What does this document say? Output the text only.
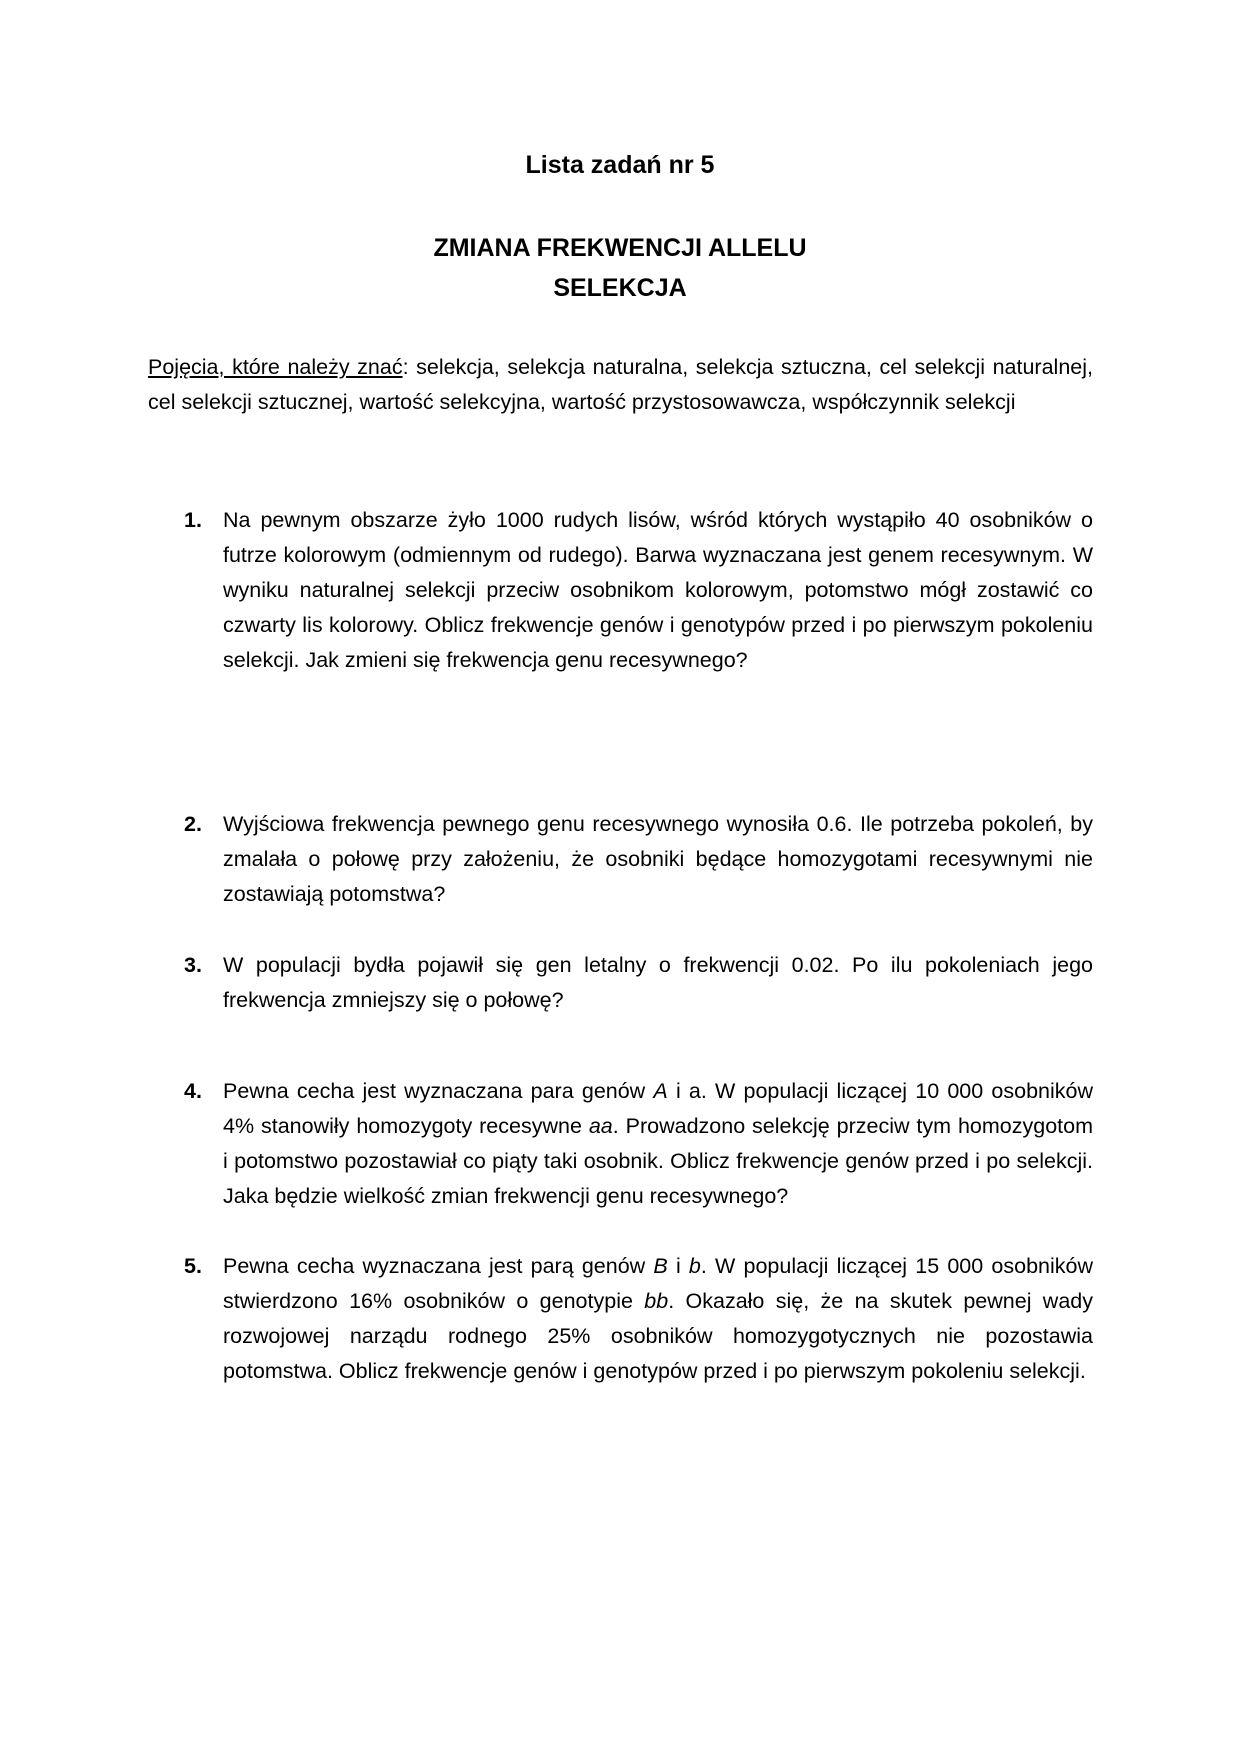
Lista zadań nr 5
ZMIANA FREKWENCJI ALLELU
SELEKCJA

Pojęcia, które należy znać: selekcja, selekcja naturalna, selekcja sztuczna, cel selekcji naturalnej, cel selekcji sztucznej, wartość selekcyjna, wartość przystosowawcza, współczynnik selekcji

1. Na pewnym obszarze żyło 1000 rudych lisów, wśród których wystąpiło 40 osobników o futrze kolorowym (odmiennym od rudego). Barwa wyznaczana jest genem recesywnym. W wyniku naturalnej selekcji przeciw osobnikom kolorowym, potomstwo mógł zostawić co czwarty lis kolorowy. Oblicz frekwencje genów i genotypów przed i po pierwszym pokoleniu selekcji. Jak zmieni się frekwencja genu recesywnego?

2. Wyjściowa frekwencja pewnego genu recesywnego wynosiła 0.6. Ile potrzeba pokoleń, by zmalała o połowę przy założeniu, że osobniki będące homozygotami recesywnymi nie zostawiają potomstwa?

3. W populacji bydła pojawił się gen letalny o frekwencji 0.02. Po ilu pokoleniach jego frekwencja zmniejszy się o połowę?

4. Pewna cecha jest wyznaczana para genów A i a. W populacji liczącej 10 000 osobników 4% stanowiły homozygoty recesywne aa. Prowadzono selekcję przeciw tym homozygotom i potomstwo pozostawiał co piąty taki osobnik. Oblicz frekwencje genów przed i po selekcji. Jaka będzie wielkość zmian frekwencji genu recesywnego?

5. Pewna cecha wyznaczana jest parą genów B i b. W populacji liczącej 15 000 osobników stwierdzono 16% osobników o genotypie bb. Okazało się, że na skutek pewnej wady rozwojowej narządu rodnego 25% osobników homozygotycznych nie pozostawia potomstwa. Oblicz frekwencje genów i genotypów przed i po pierwszym pokoleniu selekcji.
